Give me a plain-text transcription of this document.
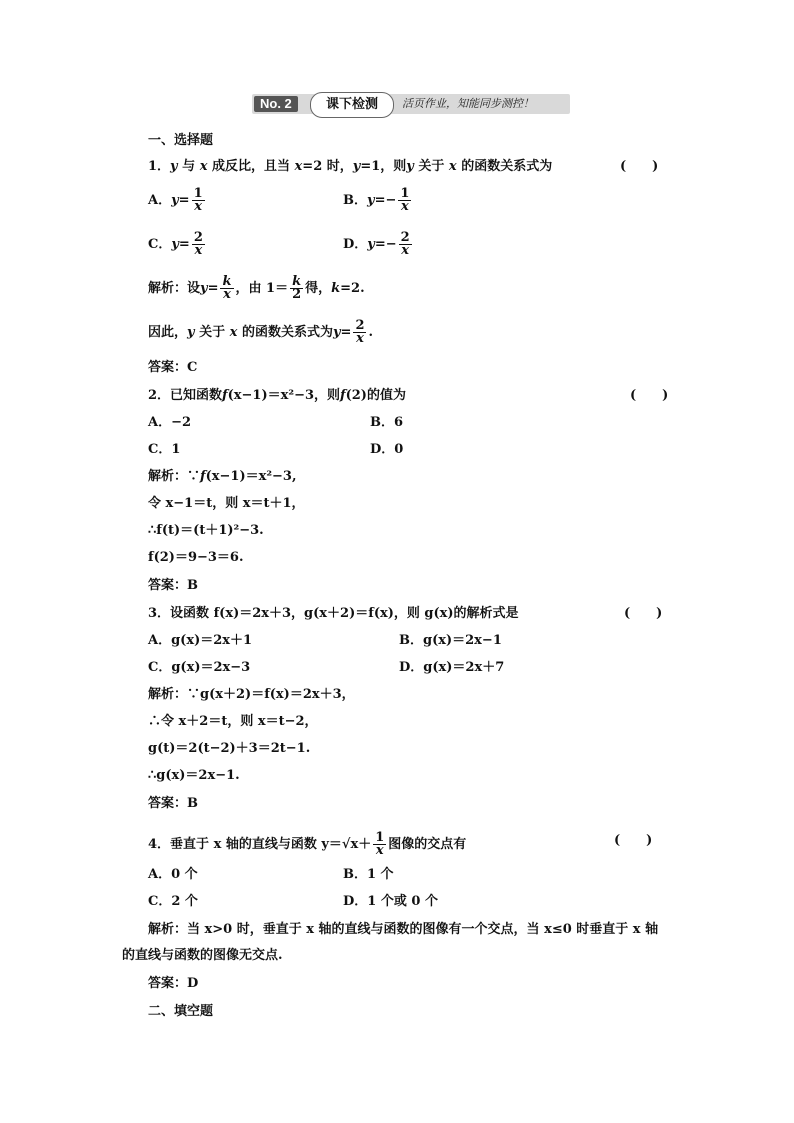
No. 2	课下检测	活页作业，知能同步测控！
一、选择题
1．y 与 x 成反比，且当 x=2 时，y=1，则y 关于 x 的函数关系式为	(　　)
A．$y= \frac{1}{x}$	B．$y=- \frac{1}{x}$
C．$y= \frac{2}{x}$	D．$y=- \frac{2}{x}$
解析：设$y= \frac{k}{x}$ ，由 $1= \frac{k}{2}$ 得，k=2.
因此，y 关于 x 的函数关系式为$y= \frac{2}{x}$ .
答案：C
2．已知函数f(x−1)＝x²−3，则f(2)的值为	(　　)
A．−2	B．6
C．1	D．0
解析：∵f(x−1)＝x²−3,
令 x−1＝t，则 x＝t＋1，
∴f(t)＝(t＋1)²−3.
f(2)＝9−3＝6.
答案：B
3．设函数 f(x)＝2x＋3，g(x＋2)＝f(x)，则 g(x)的解析式是	(　　)
A．g(x)＝2x＋1	B．g(x)＝2x−1
C．g(x)＝2x−3	D．g(x)＝2x＋7
解析：∵g(x＋2)＝f(x)＝2x＋3，
∴令 x＋2＝t，则 x＝t−2，
g(t)＝2(t−2)＋3＝2t−1.
∴g(x)＝2x−1.
答案：B
4．垂直于 x 轴的直线与函数 $y=√x+ \frac{1}{x}$ 图像的交点有	(　　)
A．0 个	B．1 个
C．2 个	D．1 个或 0 个
解析：当 x>0 时，垂直于 x 轴的直线与函数的图像有一个交点，当 x≤0 时垂直于 x 轴
的直线与函数的图像无交点.
答案：D
二、填空题
